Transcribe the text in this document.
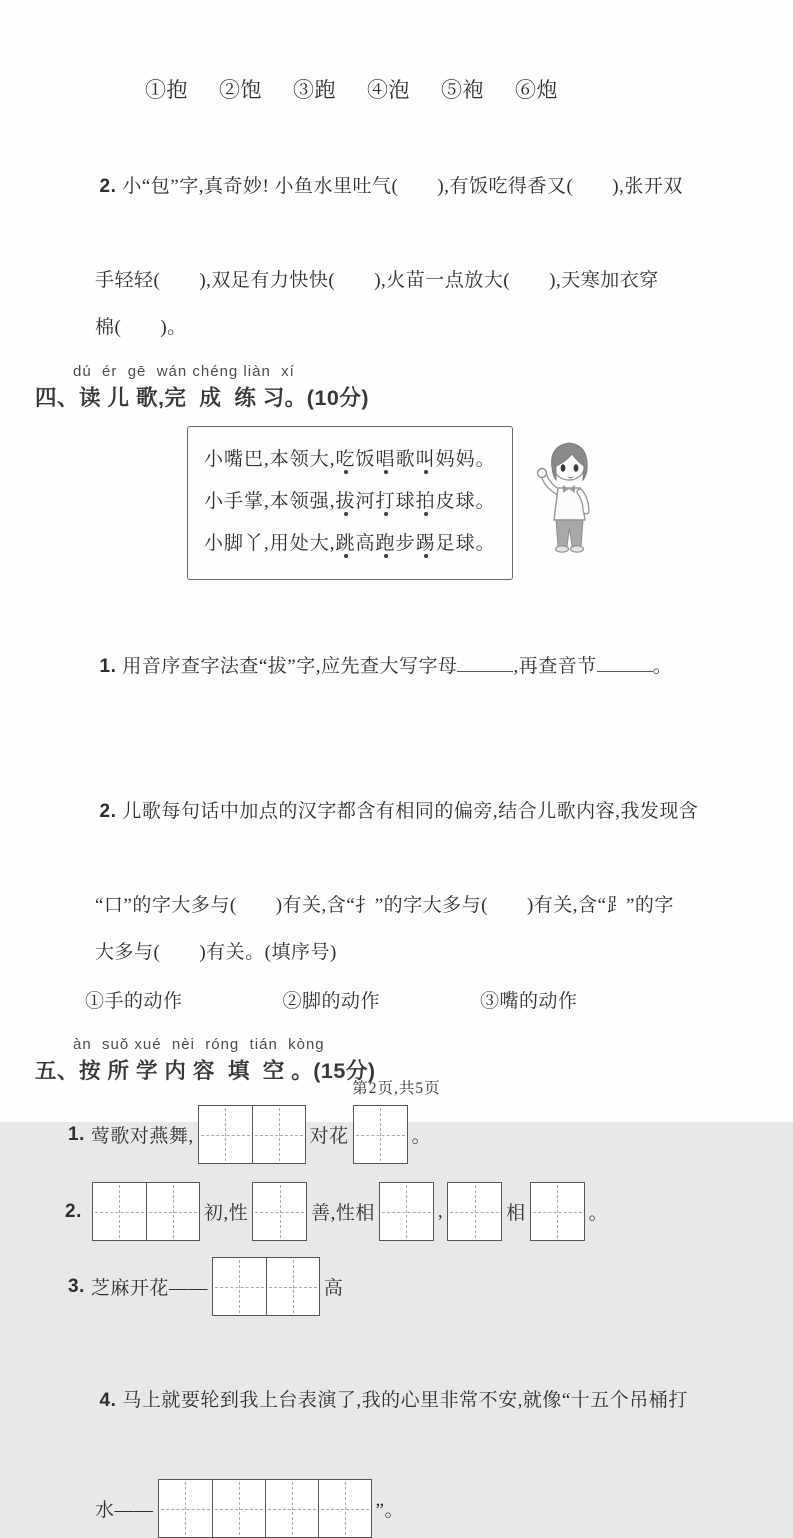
①抱 ②饱 ③跑 ④泡 ⑤袍 ⑥炮

2. 小“包”字,真奇妙! 小鱼水里吐气(　　),有饭吃得香又(　　),张开双

手轻轻(　　),双足有力快快(　　),火苗一点放大(　　),天寒加衣穿
棉(　　)。
dú  ér  gē  wán chéng liàn  xí
四、读 儿 歌,完  成  练 习。(10分)
小嘴巴,本领大,吃饭唱歌叫妈妈。
小手掌,本领强,拔河打球拍皮球。
小脚丫,用处大,跳高跑步踢足球。

1. 用音序查字法查“拔”字,应先查大写字母	,再查音节	。

2. 儿歌每句话中加点的汉字都含有相同的偏旁,结合儿歌内容,我发现含

“口”的字大多与(　　)有关,含“扌”的字大多与(　　)有关,含“⻊”的字
大多与(　　)有关。(填序号)
①手的动作	②脚的动作	③嘴的动作
àn  suǒ xué  nèi  róng  tián  kòng
五、按 所 学 内 容  填  空 。(15分)
1. 莺歌对燕舞,	对花	。
2.	初,性	善,性相	,	相	。
3. 芝麻开花——	高

4. 马上就要轮到我上台表演了,我的心里非常不安,就像“十五个吊桶打

水——	”。
第2页,共5页
